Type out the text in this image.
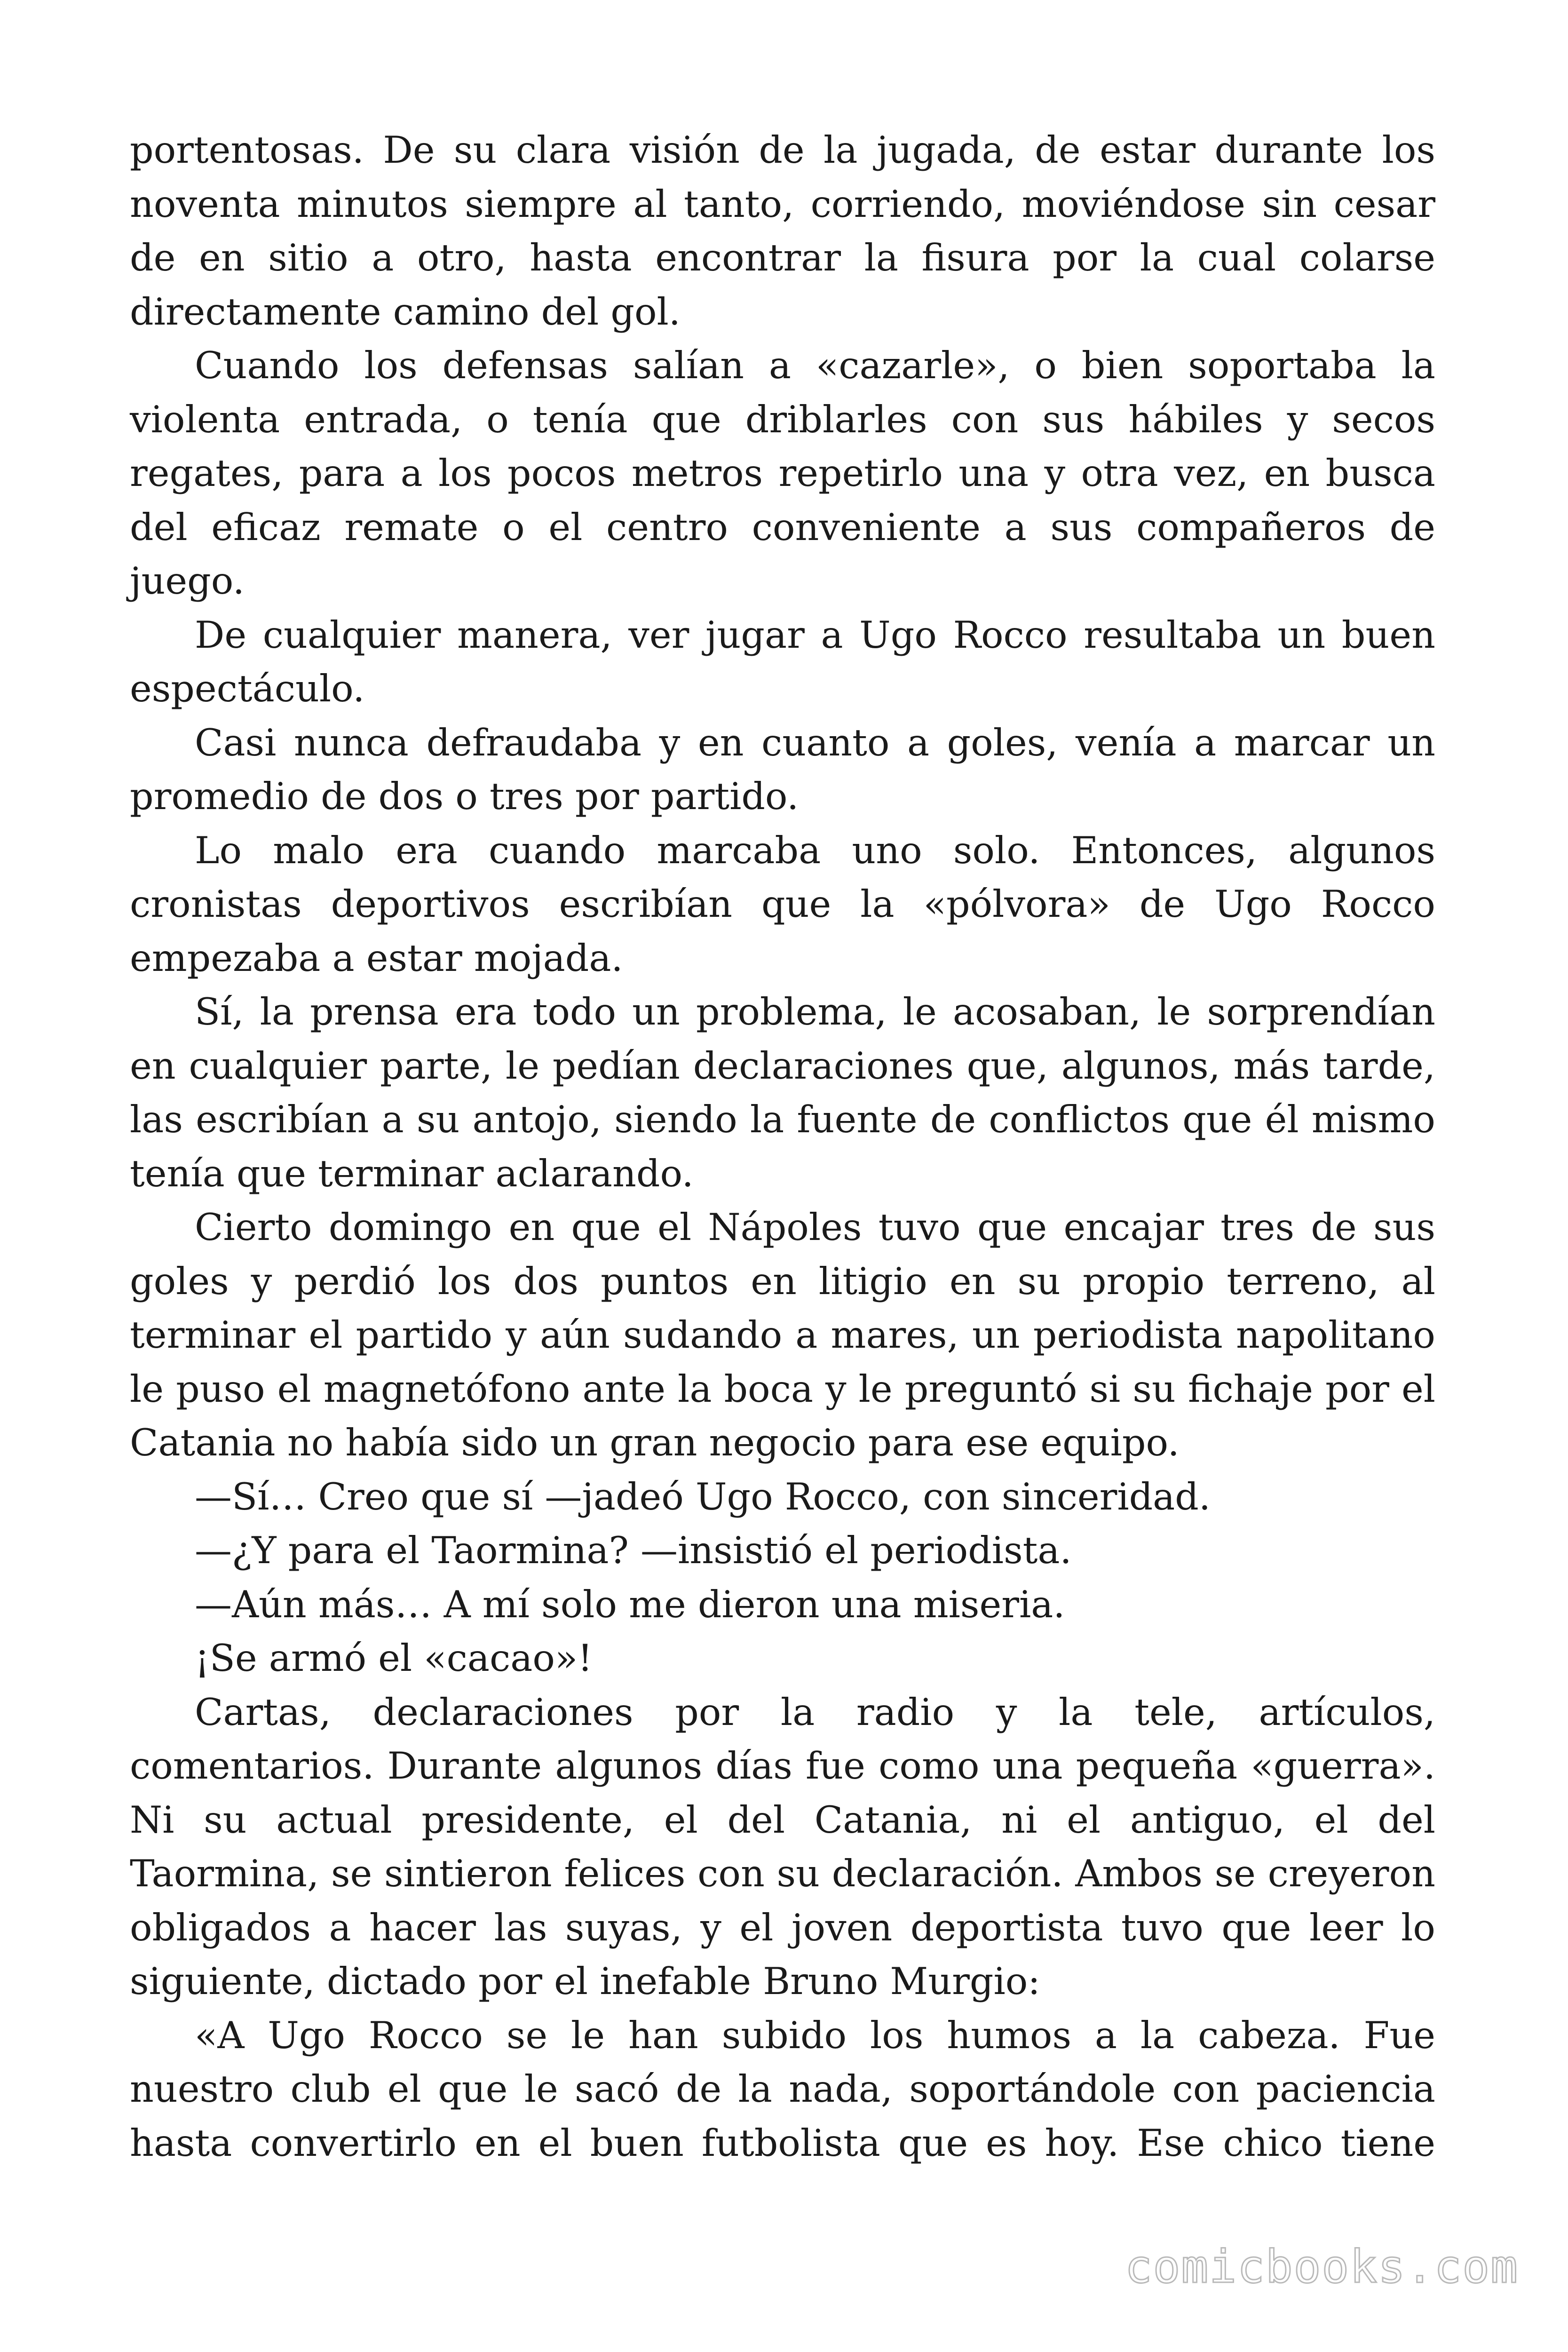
portentosas. De su clara visión de la jugada, de estar durante los noventa minutos siempre al tanto, corriendo, moviéndose sin cesar de en sitio a otro, hasta encontrar la fisura por la cual colarse directamente camino del gol.

Cuando los defensas salían a «cazarle», o bien soportaba la violenta entrada, o tenía que driblarles con sus hábiles y secos regates, para a los pocos metros repetirlo una y otra vez, en busca del eficaz remate o el centro conveniente a sus compañeros de juego.

De cualquier manera, ver jugar a Ugo Rocco resultaba un buen espectáculo.

Casi nunca defraudaba y en cuanto a goles, venía a marcar un promedio de dos o tres por partido.

Lo malo era cuando marcaba uno solo. Entonces, algunos cronistas deportivos escribían que la «pólvora» de Ugo Rocco empezaba a estar mojada.

Sí, la prensa era todo un problema, le acosaban, le sorprendían en cualquier parte, le pedían declaraciones que, algunos, más tarde, las escribían a su antojo, siendo la fuente de conflictos que él mismo tenía que terminar aclarando.

Cierto domingo en que el Nápoles tuvo que encajar tres de sus goles y perdió los dos puntos en litigio en su propio terreno, al terminar el partido y aún sudando a mares, un periodista napolitano le puso el magnetófono ante la boca y le preguntó si su fichaje por el Catania no había sido un gran negocio para ese equipo.

—Sí… Creo que sí —jadeó Ugo Rocco, con sinceridad.

—¿Y para el Taormina? —insistió el periodista.

—Aún más… A mí solo me dieron una miseria.

¡Se armó el «cacao»!

Cartas, declaraciones por la radio y la tele, artículos, comentarios. Durante algunos días fue como una pequeña «guerra». Ni su actual presidente, el del Catania, ni el antiguo, el del Taormina, se sintieron felices con su declaración. Ambos se creyeron obligados a hacer las suyas, y el joven deportista tuvo que leer lo siguiente, dictado por el inefable Bruno Murgio:

«A Ugo Rocco se le han subido los humos a la cabeza. Fue nuestro club el que le sacó de la nada, soportándole con paciencia hasta convertirlo en el buen futbolista que es hoy. Ese chico tiene

comicbooks.com
